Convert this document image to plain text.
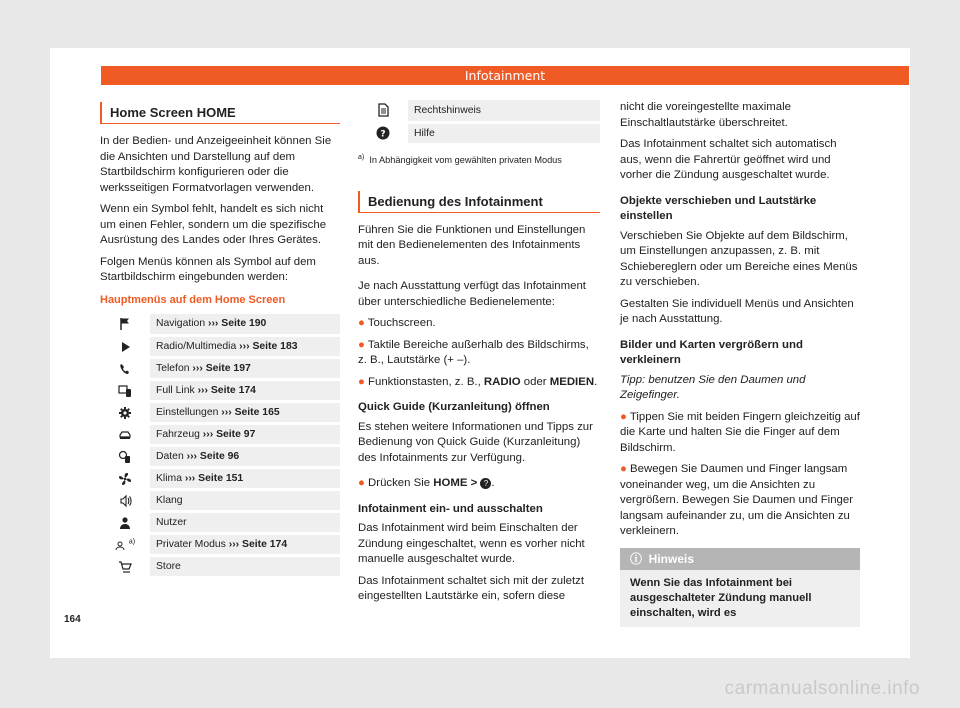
Infotainment
Home Screen HOME

In der Bedien- und Anzeigeeinheit können Sie die Ansichten und Darstellung auf dem Startbildschirm konfigurieren oder die werksseitigen Formatvorlagen verwenden.

Wenn ein Symbol fehlt, handelt es sich nicht um einen Fehler, sondern um die spezifische Ausrüstung des Landes oder Ihres Gerätes.

Folgen Menüs können als Symbol auf dem Startbildschirm eingebunden werden:

Hauptmenüs auf dem Home Screen
	Navigation ››› Seite 190
	Radio/Multimedia ››› Seite 183
	Telefon ››› Seite 197
	Full Link ››› Seite 174
	Einstellungen ››› Seite 165
	Fahrzeug ››› Seite 97
	Daten ››› Seite 96
	Klima ››› Seite 151
	Klang
	Nutzer
$^{a)}$	Privater Modus ››› Seite 174
	Store
	Rechtshinweis

?	Hilfe
$^{a)}$ In Abhängigkeit vom gewählten privaten Modus
Bedienung des Infotainment

Führen Sie die Funktionen und Einstellungen mit den Bedienelementen des Infotainments aus.

Je nach Ausstattung verfügt das Infotainment über unterschiedliche Bedienelemente:

● Touchscreen.

● Taktile Bereiche außerhalb des Bildschirms, z. B., Lautstärke (+ –).

● Funktionstasten, z. B., RADIO oder MEDIEN.

Quick Guide (Kurzanleitung) öffnen

Es stehen weitere Informationen und Tipps zur Bedienung von Quick Guide (Kurzanleitung) des Infotainments zur Verfügung.

● Drücken Sie HOME > ? .

Infotainment ein- und ausschalten

Das Infotainment wird beim Einschalten der Zündung eingeschaltet, wenn es vorher nicht manuelle ausgeschaltet wurde.

Das Infotainment schaltet sich mit der zuletzt eingestellten Lautstärke ein, sofern diese

nicht die voreingestellte maximale Einschaltlautstärke überschreitet.

Das Infotainment schaltet sich automatisch aus, wenn die Fahrertür geöffnet wird und vorher die Zündung ausgeschaltet wurde.

Objekte verschieben und Lautstärke einstellen

Verschieben Sie Objekte auf dem Bildschirm, um Einstellungen anzupassen, z. B. mit Schiebereglern oder um Bereiche eines Menüs zu verschieben.

Gestalten Sie individuell Menüs und Ansichten je nach Ausstattung.

Bilder und Karten vergrößern und verkleinern

Tipp: benutzen Sie den Daumen und Zeigefinger.

● Tippen Sie mit beiden Fingern gleichzeitig auf die Karte und halten Sie die Finger auf dem Bildschirm.

● Bewegen Sie Daumen und Finger langsam voneinander weg, um die Ansichten zu vergrößern. Bewegen Sie Daumen und Finger langsam aufeinander zu, um die Ansichten zu verkleinern.

ⓘ  Hinweis
Wenn Sie das Infotainment bei ausgeschalteter Zündung manuell einschalten, wird es
164
carmanualsonline.info
